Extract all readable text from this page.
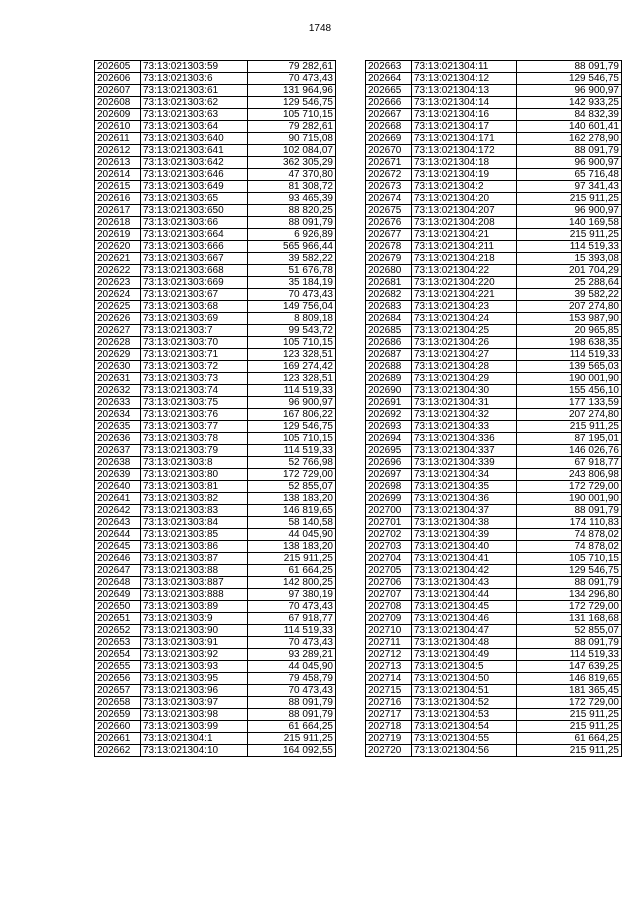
1748
202605	73:13:021303:59	79 282,61
202606	73:13:021303:6	70 473,43
202607	73:13:021303:61	131 964,96
202608	73:13:021303:62	129 546,75
202609	73:13:021303:63	105 710,15
202610	73:13:021303:64	79 282,61
202611	73:13:021303:640	90 715,08
202612	73:13:021303:641	102 084,07
202613	73:13:021303:642	362 305,29
202614	73:13:021303:646	47 370,80
202615	73:13:021303:649	81 308,72
202616	73:13:021303:65	93 465,39
202617	73:13:021303:650	88 820,25
202618	73:13:021303:66	88 091,79
202619	73:13:021303:664	6 926,89
202620	73:13:021303:666	565 966,44
202621	73:13:021303:667	39 582,22
202622	73:13:021303:668	51 676,78
202623	73:13:021303:669	35 184,19
202624	73:13:021303:67	70 473,43
202625	73:13:021303:68	149 756,04
202626	73:13:021303:69	8 809,18
202627	73:13:021303:7	99 543,72
202628	73:13:021303:70	105 710,15
202629	73:13:021303:71	123 328,51
202630	73:13:021303:72	169 274,42
202631	73:13:021303:73	123 328,51
202632	73:13:021303:74	114 519,33
202633	73:13:021303:75	96 900,97
202634	73:13:021303:76	167 806,22
202635	73:13:021303:77	129 546,75
202636	73:13:021303:78	105 710,15
202637	73:13:021303:79	114 519,33
202638	73:13:021303:8	52 766,98
202639	73:13:021303:80	172 729,00
202640	73:13:021303:81	52 855,07
202641	73:13:021303:82	138 183,20
202642	73:13:021303:83	146 819,65
202643	73:13:021303:84	58 140,58
202644	73:13:021303:85	44 045,90
202645	73:13:021303:86	138 183,20
202646	73:13:021303:87	215 911,25
202647	73:13:021303:88	61 664,25
202648	73:13:021303:887	142 800,25
202649	73:13:021303:888	97 380,19
202650	73:13:021303:89	70 473,43
202651	73:13:021303:9	67 918,77
202652	73:13:021303:90	114 519,33
202653	73:13:021303:91	70 473,43
202654	73:13:021303:92	93 289,21
202655	73:13:021303:93	44 045,90
202656	73:13:021303:95	79 458,79
202657	73:13:021303:96	70 473,43
202658	73:13:021303:97	88 091,79
202659	73:13:021303:98	88 091,79
202660	73:13:021303:99	61 664,25
202661	73:13:021304:1	215 911,25
202662	73:13:021304:10	164 092,55
202663	73:13:021304:11	88 091,79
202664	73:13:021304:12	129 546,75
202665	73:13:021304:13	96 900,97
202666	73:13:021304:14	142 933,25
202667	73:13:021304:16	84 832,39
202668	73:13:021304:17	140 601,41
202669	73:13:021304:171	162 278,90
202670	73:13:021304:172	88 091,79
202671	73:13:021304:18	96 900,97
202672	73:13:021304:19	65 716,48
202673	73:13:021304:2	97 341,43
202674	73:13:021304:20	215 911,25
202675	73:13:021304:207	96 900,97
202676	73:13:021304:208	140 169,58
202677	73:13:021304:21	215 911,25
202678	73:13:021304:211	114 519,33
202679	73:13:021304:218	15 393,08
202680	73:13:021304:22	201 704,29
202681	73:13:021304:220	25 288,64
202682	73:13:021304:221	39 582,22
202683	73:13:021304:23	207 274,80
202684	73:13:021304:24	153 987,90
202685	73:13:021304:25	20 965,85
202686	73:13:021304:26	198 638,35
202687	73:13:021304:27	114 519,33
202688	73:13:021304:28	139 565,03
202689	73:13:021304:29	190 001,90
202690	73:13:021304:30	155 456,10
202691	73:13:021304:31	177 133,59
202692	73:13:021304:32	207 274,80
202693	73:13:021304:33	215 911,25
202694	73:13:021304:336	87 195,01
202695	73:13:021304:337	146 026,76
202696	73:13:021304:339	67 918,77
202697	73:13:021304:34	243 806,98
202698	73:13:021304:35	172 729,00
202699	73:13:021304:36	190 001,90
202700	73:13:021304:37	88 091,79
202701	73:13:021304:38	174 110,83
202702	73:13:021304:39	74 878,02
202703	73:13:021304:40	74 878,02
202704	73:13:021304:41	105 710,15
202705	73:13:021304:42	129 546,75
202706	73:13:021304:43	88 091,79
202707	73:13:021304:44	134 296,80
202708	73:13:021304:45	172 729,00
202709	73:13:021304:46	131 168,68
202710	73:13:021304:47	52 855,07
202711	73:13:021304:48	88 091,79
202712	73:13:021304:49	114 519,33
202713	73:13:021304:5	147 639,25
202714	73:13:021304:50	146 819,65
202715	73:13:021304:51	181 365,45
202716	73:13:021304:52	172 729,00
202717	73:13:021304:53	215 911,25
202718	73:13:021304:54	215 911,25
202719	73:13:021304:55	61 664,25
202720	73:13:021304:56	215 911,25
